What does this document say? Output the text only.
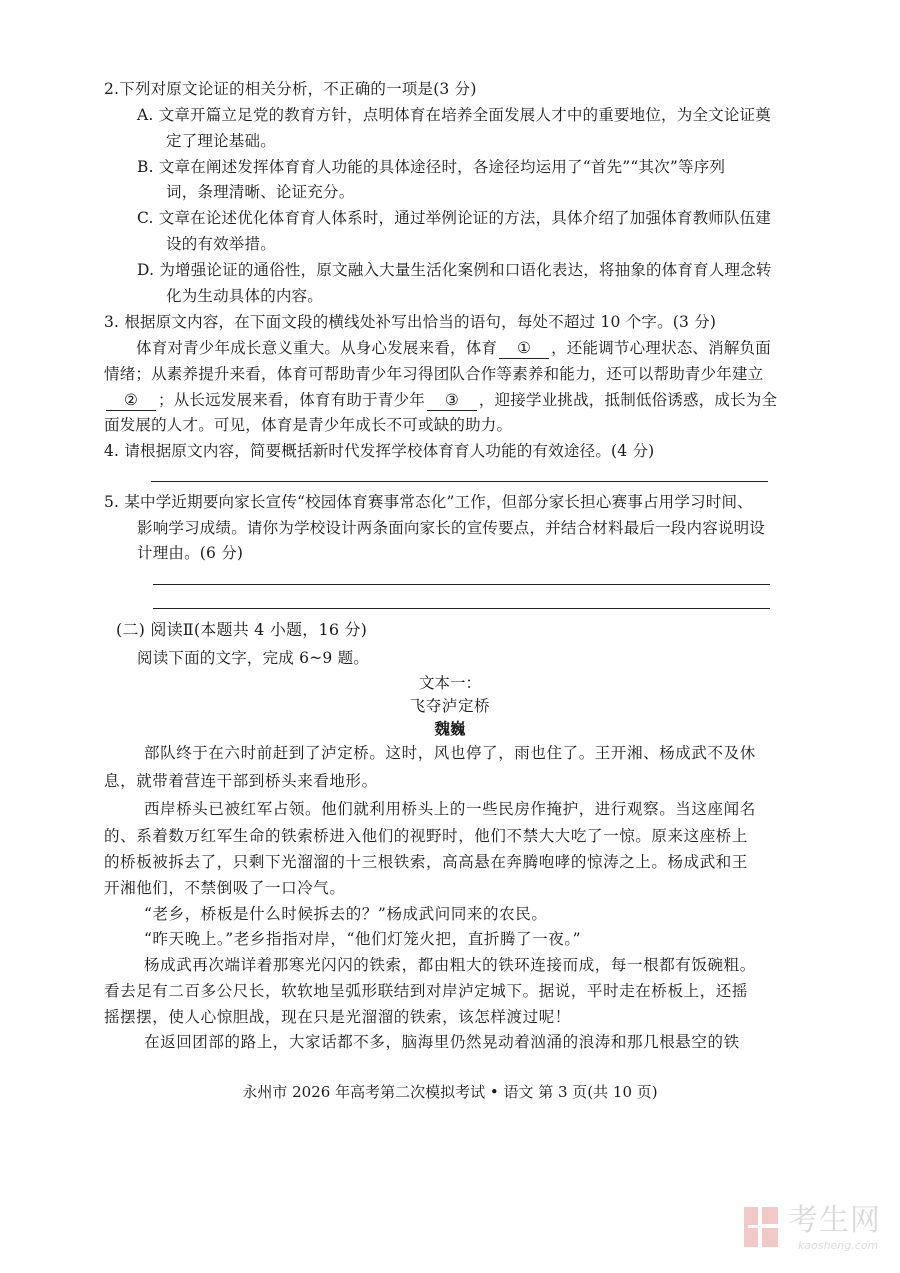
2.下列对原文论证的相关分析，不正确的一项是(3 分)
A. 文章开篇立足党的教育方针，点明体育在培养全面发展人才中的重要地位，为全文论证奠
定了理论基础。
B. 文章在阐述发挥体育育人功能的具体途径时，各途径均运用了“首先”“其次”等序列
词，条理清晰、论证充分。
C. 文章在论述优化体育育人体系时，通过举例论证的方法，具体介绍了加强体育教师队伍建
设的有效举措。
D. 为增强论证的通俗性，原文融入大量生活化案例和口语化表达，将抽象的体育育人理念转
化为生动具体的内容。
3. 根据原文内容，在下面文段的横线处补写出恰当的语句，每处不超过 10 个字。(3 分)
体育对青少年成长意义重大。从身心发展来看，体育 ① ，还能调节心理状态、消解负面
情绪；从素养提升来看，体育可帮助青少年习得团队合作等素养和能力，还可以帮助青少年建立
② ；从长远发展来看，体育有助于青少年 ③ ，迎接学业挑战，抵制低俗诱惑，成长为全
面发展的人才。可见，体育是青少年成长不可或缺的助力。
4. 请根据原文内容，简要概括新时代发挥学校体育育人功能的有效途径。(4 分)
5. 某中学近期要向家长宣传“校园体育赛事常态化”工作，但部分家长担心赛事占用学习时间、
影响学习成绩。请你为学校设计两条面向家长的宣传要点，并结合材料最后一段内容说明设
计理由。(6 分)
(二) 阅读Ⅱ(本题共 4 小题，16 分)
阅读下面的文字，完成 6~9 题。
文本一：
飞夺泸定桥
魏巍
部队终于在六时前赶到了泸定桥。这时，风也停了，雨也住了。王开湘、杨成武不及休
息，就带着营连干部到桥头来看地形。
西岸桥头已被红军占领。他们就利用桥头上的一些民房作掩护，进行观察。当这座闻名
的、系着数万红军生命的铁索桥进入他们的视野时，他们不禁大大吃了一惊。原来这座桥上
的桥板被拆去了，只剩下光溜溜的十三根铁索，高高悬在奔腾咆哮的惊涛之上。杨成武和王
开湘他们，不禁倒吸了一口冷气。
“老乡，桥板是什么时候拆去的？”杨成武问同来的农民。
“昨天晚上。”老乡指指对岸，“他们灯笼火把，直折腾了一夜。”
杨成武再次端详着那寒光闪闪的铁索，都由粗大的铁环连接而成，每一根都有饭碗粗。
看去足有二百多公尺长，软软地呈弧形联结到对岸泸定城下。据说，平时走在桥板上，还摇
摇摆摆，使人心惊胆战，现在只是光溜溜的铁索，该怎样渡过呢！
在返回团部的路上，大家话都不多，脑海里仍然晃动着汹涌的浪涛和那几根悬空的铁
永州市 2026 年高考第二次模拟考试 • 语文 第 3 页(共 10 页)
考生网
kaosheng.com
